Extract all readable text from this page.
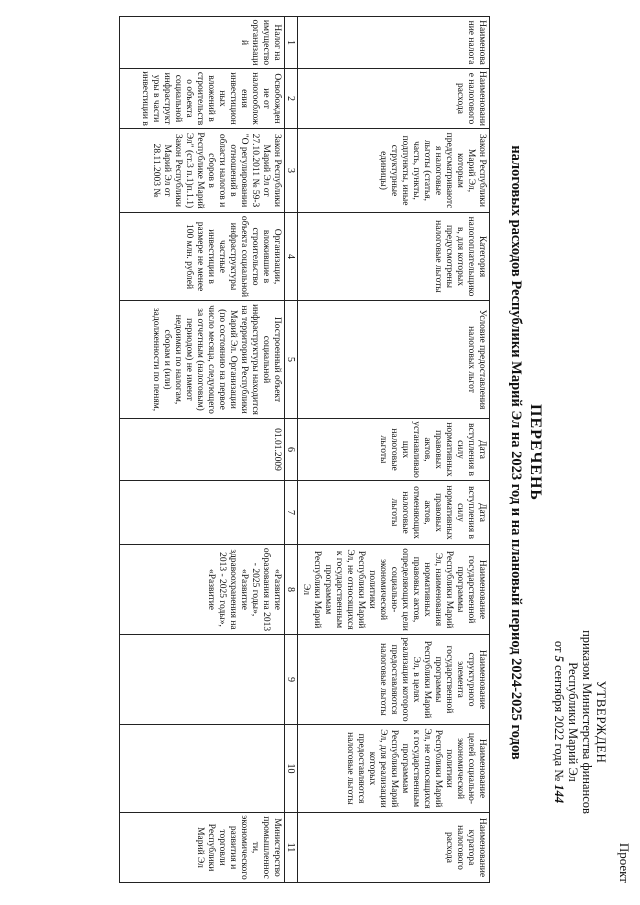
Проект
УТВЕРЖДЕН
приказом Министерства финансов
Республики Марий Эл
от 5 сентября 2022 года № 144
ПЕРЕЧЕНЬ
налоговых расходов Республики Марий Эл на 2023 год и на плановый период 2024-2025 годов
Наименование налога	Наименование налогового расхода	Закон Республики Марий Эл, которым предусматриваются налоговые льготы (статья, часть, пункты, подпункты, иные структурные единицы)	Категория налогоплательщиков, для которых предусмотрены налоговые льготы	Условие предоставления налоговых льгот	Дата вступления в силу нормативных правовых актов, устанавливающих налоговые льготы	Дата вступления в силу нормативных правовых актов, отменяющих налоговые льготы	Наименование государственной программы Республики Марий Эл, наименования нормативных правовых актов, определяющих цели социально-экономической политики Республики Марий Эл, не относящихся к государственным программам Республики Марий Эл	Наименование структурного элемента государственной программы Республики Марий Эл, в целях реализации которого предоставляются налоговые льготы	Наименование целей социально-экономической политики Республики Марий Эл, не относящихся к государственным программам Республики Марий Эл, для реализации которых предоставляются налоговые льготы	Наименование куратора налогового расхода
1	2	3	4	5	6	7	8	9	10	11
Налог на имущество организаций	Освобождение от налогообложения инвестиционных вложений в строительство объекта социальной инфраструктуры в части инвестиции в	Закон Республики Марий Эл от 27.10.2011 № 59-З "О регулировании отношений в области налогов и сборов в Республике Марий Эл" (ст.3 п.1)п.1.1) Закон Республики Марий Эл от 28.11.2003 №	Организации, вложившие в строительство объекта социальной инфраструктуры частные инвестиции в размере не менее 100 млн. рублей	Построенный объект социальной инфраструктуры находится на территории Республики Марий Эл. Организации (по состоянию на первое число месяца, следующего за отчетным (налоговым) периодом) не имеют недоимки по налогам, сборам и (или) задолженности по пеням,	01.01.2009		«Развитие образования на 2013 - 2025 годы», «Развитие здравоохранения на 2013 - 2025 годы», «Развитие			Министерство промышленности, экономического развития и торговли Республики Марий Эл
